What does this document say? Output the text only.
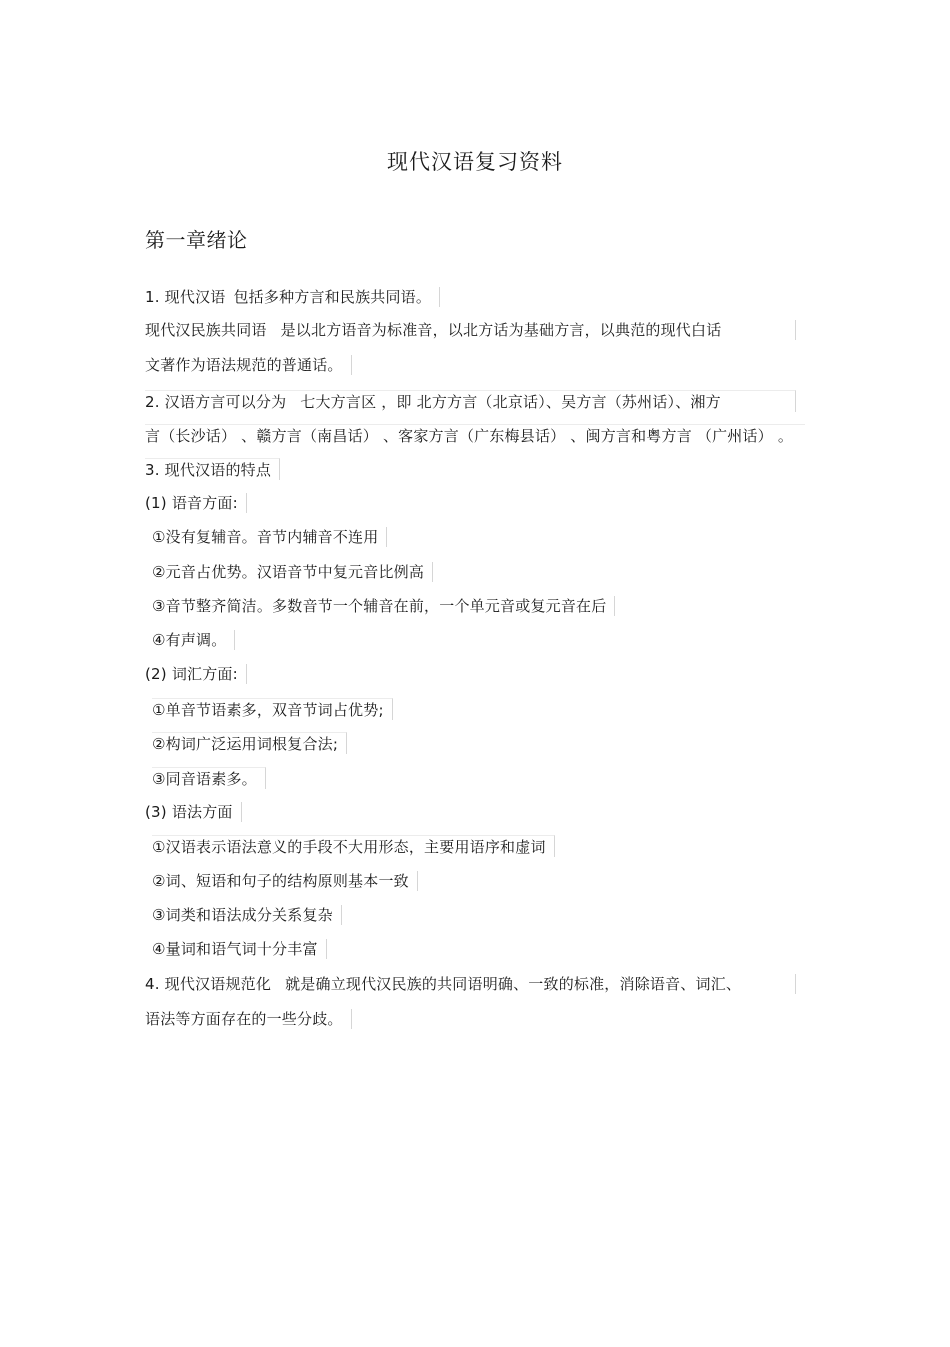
现代汉语复习资料
第一章绪论
1. 现代汉语 包括多种方言和民族共同语。
现代汉民族共同语 是以北方语音为标准音，以北方话为基础方言，以典范的现代白话
文著作为语法规范的普通话。
2. 汉语方言可以分为 七大方言区 ，即 北方方言（北京话）、吴方言（苏州话）、湘方
言（长沙话） 、赣方言（南昌话） 、客家方言（广东梅县话） 、闽方言和粤方言 （广州话） 。
3. 现代汉语的特点
(1) 语音方面:
①没有复辅音。音节内辅音不连用
②元音占优势。汉语音节中复元音比例高
③音节整齐简洁。多数音节一个辅音在前，一个单元音或复元音在后
④有声调。
(2) 词汇方面:
①单音节语素多，双音节词占优势;
②构词广泛运用词根复合法;
③同音语素多。
(3) 语法方面
①汉语表示语法意义的手段不大用形态，主要用语序和虚词
②词、短语和句子的结构原则基本一致
③词类和语法成分关系复杂
④量词和语气词十分丰富
4. 现代汉语规范化 就是确立现代汉民族的共同语明确、一致的标准，消除语音、词汇、
语法等方面存在的一些分歧。
